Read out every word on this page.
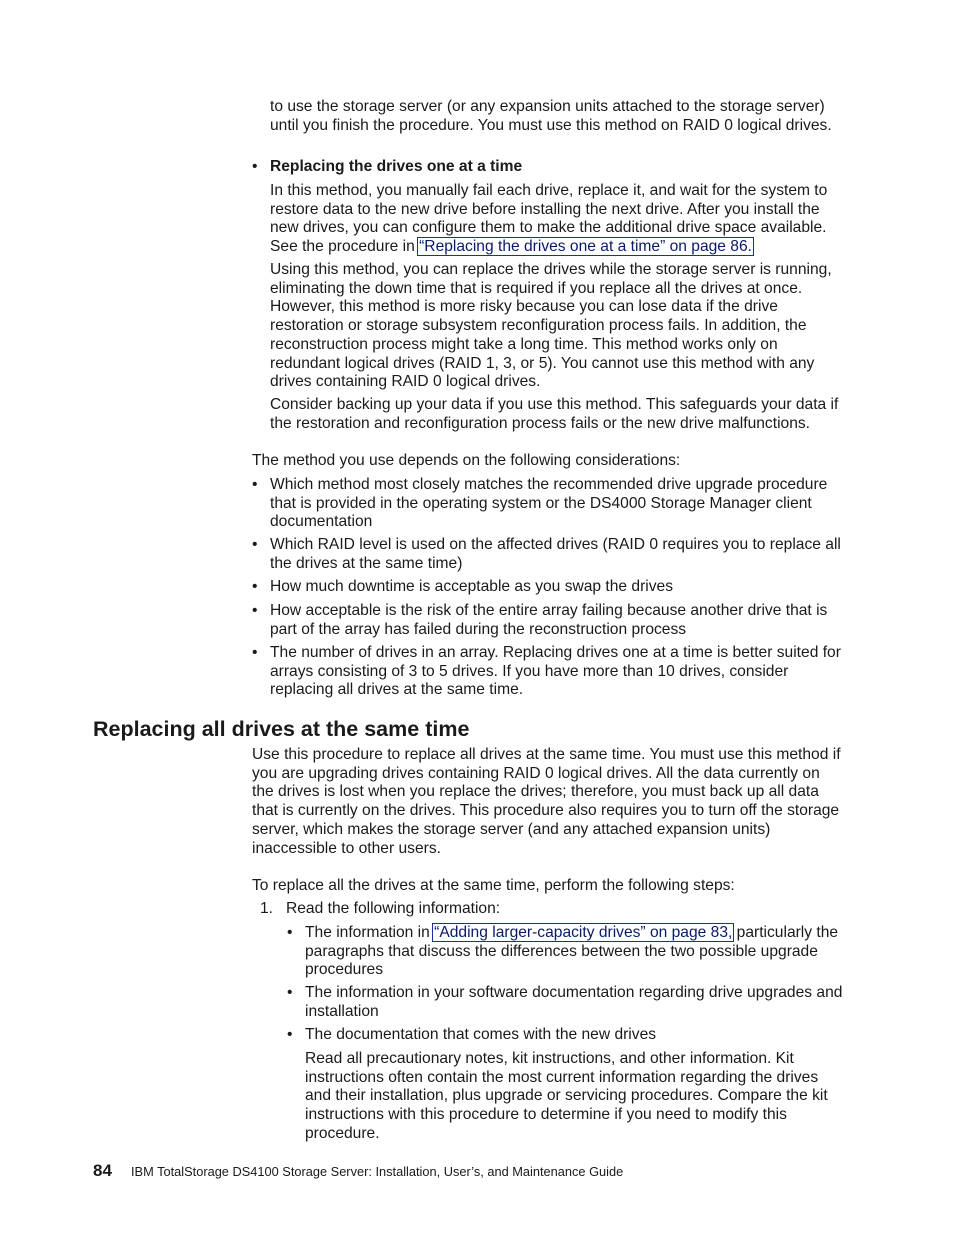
to use the storage server (or any expansion units attached to the storage server) until you finish the procedure. You must use this method on RAID 0 logical drives.

• Replacing the drives one at a time

In this method, you manually fail each drive, replace it, and wait for the system to restore data to the new drive before installing the next drive. After you install the new drives, you can configure them to make the additional drive space available. See the procedure in “Replacing the drives one at a time” on page 86.

Using this method, you can replace the drives while the storage server is running, eliminating the down time that is required if you replace all the drives at once. However, this method is more risky because you can lose data if the drive restoration or storage subsystem reconfiguration process fails. In addition, the reconstruction process might take a long time. This method works only on redundant logical drives (RAID 1, 3, or 5). You cannot use this method with any drives containing RAID 0 logical drives.

Consider backing up your data if you use this method. This safeguards your data if the restoration and reconfiguration process fails or the new drive malfunctions.

The method you use depends on the following considerations:

• Which method most closely matches the recommended drive upgrade procedure that is provided in the operating system or the DS4000 Storage Manager client documentation
• Which RAID level is used on the affected drives (RAID 0 requires you to replace all the drives at the same time)
• How much downtime is acceptable as you swap the drives
• How acceptable is the risk of the entire array failing because another drive that is part of the array has failed during the reconstruction process
• The number of drives in an array. Replacing drives one at a time is better suited for arrays consisting of 3 to 5 drives. If you have more than 10 drives, consider replacing all drives at the same time.
Replacing all drives at the same time

Use this procedure to replace all drives at the same time. You must use this method if you are upgrading drives containing RAID 0 logical drives. All the data currently on the drives is lost when you replace the drives; therefore, you must back up all data that is currently on the drives. This procedure also requires you to turn off the storage server, which makes the storage server (and any attached expansion units) inaccessible to other users.

To replace all the drives at the same time, perform the following steps:

1. Read the following information:
• The information in “Adding larger-capacity drives” on page 83, particularly the paragraphs that discuss the differences between the two possible upgrade procedures
• The information in your software documentation regarding drive upgrades and installation
• The documentation that comes with the new drives

Read all precautionary notes, kit instructions, and other information. Kit instructions often contain the most current information regarding the drives and their installation, plus upgrade or servicing procedures. Compare the kit instructions with this procedure to determine if you need to modify this procedure.

84 IBM TotalStorage DS4100 Storage Server: Installation, User’s, and Maintenance Guide
